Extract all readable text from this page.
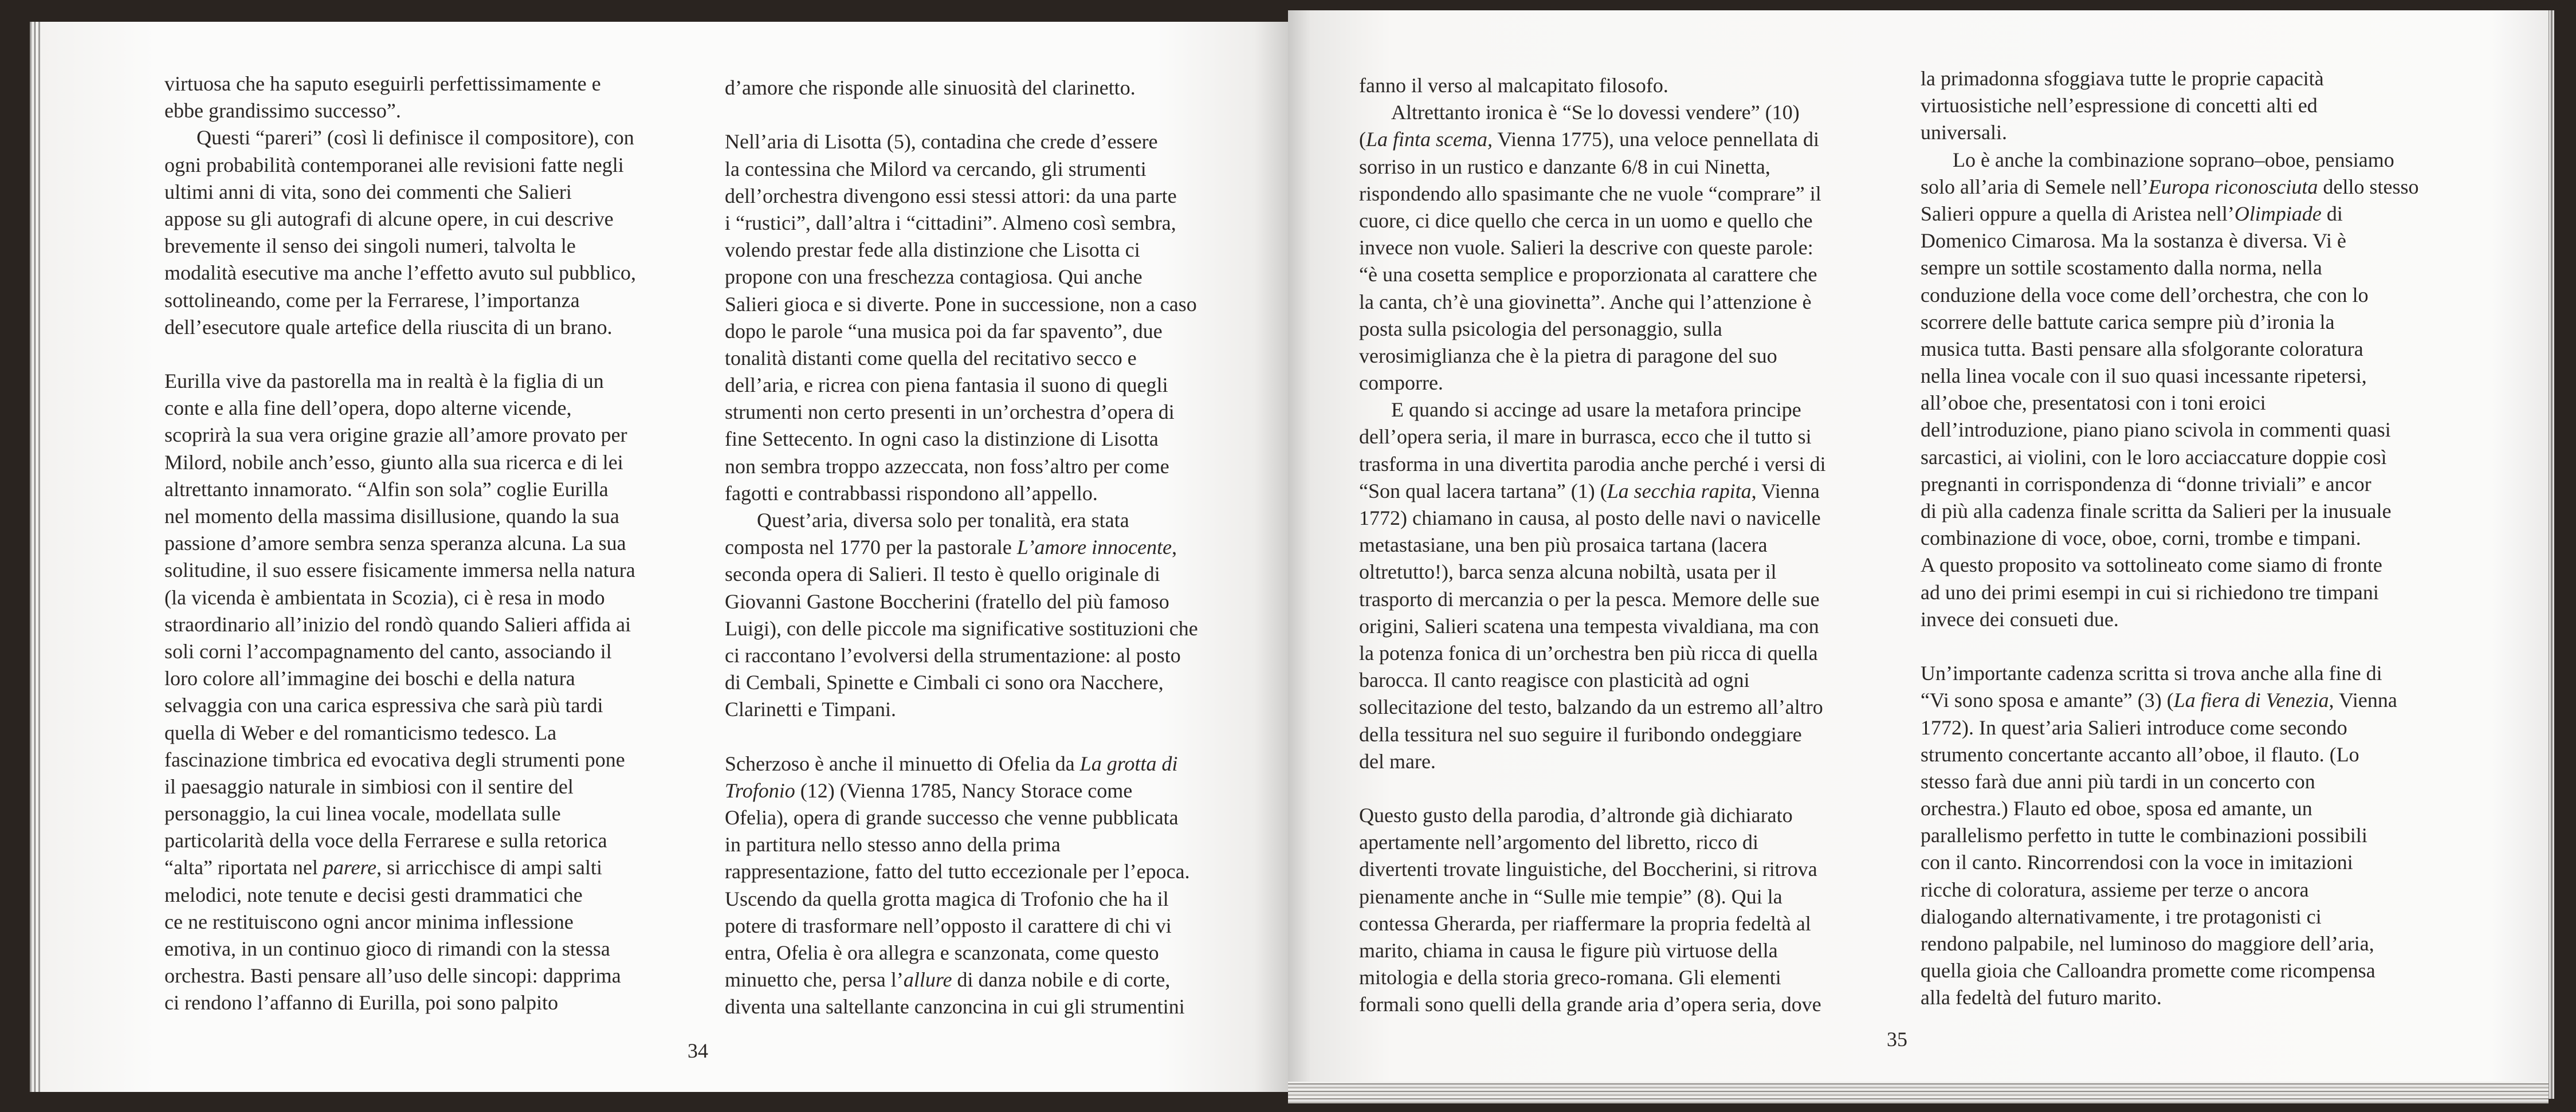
virtuosa che ha saputo eseguirli perfettissimamente e
ebbe grandissimo successo”.
Questi “pareri” (così li definisce il compositore), con
ogni probabilità contemporanei alle revisioni fatte negli
ultimi anni di vita, sono dei commenti che Salieri
appose su gli autografi di alcune opere, in cui descrive
brevemente il senso dei singoli numeri, talvolta le
modalità esecutive ma anche l’effetto avuto sul pubblico,
sottolineando, come per la Ferrarese, l’importanza
dell’esecutore quale artefice della riuscita di un brano.
Eurilla vive da pastorella ma in realtà è la figlia di un
conte e alla fine dell’opera, dopo alterne vicende,
scoprirà la sua vera origine grazie all’amore provato per
Milord, nobile anch’esso, giunto alla sua ricerca e di lei
altrettanto innamorato. “Alfin son sola” coglie Eurilla
nel momento della massima disillusione, quando la sua
passione d’amore sembra senza speranza alcuna. La sua
solitudine, il suo essere fisicamente immersa nella natura
(la vicenda è ambientata in Scozia), ci è resa in modo
straordinario all’inizio del rondò quando Salieri affida ai
soli corni l’accompagnamento del canto, associando il
loro colore all’immagine dei boschi e della natura
selvaggia con una carica espressiva che sarà più tardi
quella di Weber e del romanticismo tedesco. La
fascinazione timbrica ed evocativa degli strumenti pone
il paesaggio naturale in simbiosi con il sentire del
personaggio, la cui linea vocale, modellata sulle
particolarità della voce della Ferrarese e sulla retorica
“alta” riportata nel parere, si arricchisce di ampi salti
melodici, note tenute e decisi gesti drammatici che
ce ne restituiscono ogni ancor minima inflessione
emotiva, in un continuo gioco di rimandi con la stessa
orchestra. Basti pensare all’uso delle sincopi: dapprima
ci rendono l’affanno di Eurilla, poi sono palpito
d’amore che risponde alle sinuosità del clarinetto.
Nell’aria di Lisotta (5), contadina che crede d’essere
la contessina che Milord va cercando, gli strumenti
dell’orchestra divengono essi stessi attori: da una parte
i “rustici”, dall’altra i “cittadini”. Almeno così sembra,
volendo prestar fede alla distinzione che Lisotta ci
propone con una freschezza contagiosa. Qui anche
Salieri gioca e si diverte. Pone in successione, non a caso
dopo le parole “una musica poi da far spavento”, due
tonalità distanti come quella del recitativo secco e
dell’aria, e ricrea con piena fantasia il suono di quegli
strumenti non certo presenti in un’orchestra d’opera di
fine Settecento. In ogni caso la distinzione di Lisotta
non sembra troppo azzeccata, non foss’altro per come
fagotti e contrabbassi rispondono all’appello.
Quest’aria, diversa solo per tonalità, era stata
composta nel 1770 per la pastorale L’amore innocente,
seconda opera di Salieri. Il testo è quello originale di
Giovanni Gastone Boccherini (fratello del più famoso
Luigi), con delle piccole ma significative sostituzioni che
ci raccontano l’evolversi della strumentazione: al posto
di Cembali, Spinette e Cimbali ci sono ora Nacchere,
Clarinetti e Timpani.
Scherzoso è anche il minuetto di Ofelia da La grotta di
Trofonio (12) (Vienna 1785, Nancy Storace come
Ofelia), opera di grande successo che venne pubblicata
in partitura nello stesso anno della prima
rappresentazione, fatto del tutto eccezionale per l’epoca.
Uscendo da quella grotta magica di Trofonio che ha il
potere di trasformare nell’opposto il carattere di chi vi
entra, Ofelia è ora allegra e scanzonata, come questo
minuetto che, persa l’allure di danza nobile e di corte,
diventa una saltellante canzoncina in cui gli strumentini
34
fanno il verso al malcapitato filosofo.
Altrettanto ironica è “Se lo dovessi vendere” (10)
(La finta scema, Vienna 1775), una veloce pennellata di
sorriso in un rustico e danzante 6/8 in cui Ninetta,
rispondendo allo spasimante che ne vuole “comprare” il
cuore, ci dice quello che cerca in un uomo e quello che
invece non vuole. Salieri la descrive con queste parole:
“è una cosetta semplice e proporzionata al carattere che
la canta, ch’è una giovinetta”. Anche qui l’attenzione è
posta sulla psicologia del personaggio, sulla
verosimiglianza che è la pietra di paragone del suo
comporre.
E quando si accinge ad usare la metafora principe
dell’opera seria, il mare in burrasca, ecco che il tutto si
trasforma in una divertita parodia anche perché i versi di
“Son qual lacera tartana” (1) (La secchia rapita, Vienna
1772) chiamano in causa, al posto delle navi o navicelle
metastasiane, una ben più prosaica tartana (lacera
oltretutto!), barca senza alcuna nobiltà, usata per il
trasporto di mercanzia o per la pesca. Memore delle sue
origini, Salieri scatena una tempesta vivaldiana, ma con
la potenza fonica di un’orchestra ben più ricca di quella
barocca. Il canto reagisce con plasticità ad ogni
sollecitazione del testo, balzando da un estremo all’altro
della tessitura nel suo seguire il furibondo ondeggiare
del mare.
Questo gusto della parodia, d’altronde già dichiarato
apertamente nell’argomento del libretto, ricco di
divertenti trovate linguistiche, del Boccherini, si ritrova
pienamente anche in “Sulle mie tempie” (8). Qui la
contessa Gherarda, per riaffermare la propria fedeltà al
marito, chiama in causa le figure più virtuose della
mitologia e della storia greco-romana. Gli elementi
formali sono quelli della grande aria d’opera seria, dove
la primadonna sfoggiava tutte le proprie capacità
virtuosistiche nell’espressione di concetti alti ed
universali.
Lo è anche la combinazione soprano–oboe, pensiamo
solo all’aria di Semele nell’Europa riconosciuta dello stesso
Salieri oppure a quella di Aristea nell’Olimpiade di
Domenico Cimarosa. Ma la sostanza è diversa. Vi è
sempre un sottile scostamento dalla norma, nella
conduzione della voce come dell’orchestra, che con lo
scorrere delle battute carica sempre più d’ironia la
musica tutta. Basti pensare alla sfolgorante coloratura
nella linea vocale con il suo quasi incessante ripetersi,
all’oboe che, presentatosi con i toni eroici
dell’introduzione, piano piano scivola in commenti quasi
sarcastici, ai violini, con le loro acciaccature doppie così
pregnanti in corrispondenza di “donne triviali” e ancor
di più alla cadenza finale scritta da Salieri per la inusuale
combinazione di voce, oboe, corni, trombe e timpani.
A questo proposito va sottolineato come siamo di fronte
ad uno dei primi esempi in cui si richiedono tre timpani
invece dei consueti due.
Un’importante cadenza scritta si trova anche alla fine di
“Vi sono sposa e amante” (3) (La fiera di Venezia, Vienna
1772). In quest’aria Salieri introduce come secondo
strumento concertante accanto all’oboe, il flauto. (Lo
stesso farà due anni più tardi in un concerto con
orchestra.) Flauto ed oboe, sposa ed amante, un
parallelismo perfetto in tutte le combinazioni possibili
con il canto. Rincorrendosi con la voce in imitazioni
ricche di coloratura, assieme per terze o ancora
dialogando alternativamente, i tre protagonisti ci
rendono palpabile, nel luminoso do maggiore dell’aria,
quella gioia che Calloandra promette come ricompensa
alla fedeltà del futuro marito.
35
